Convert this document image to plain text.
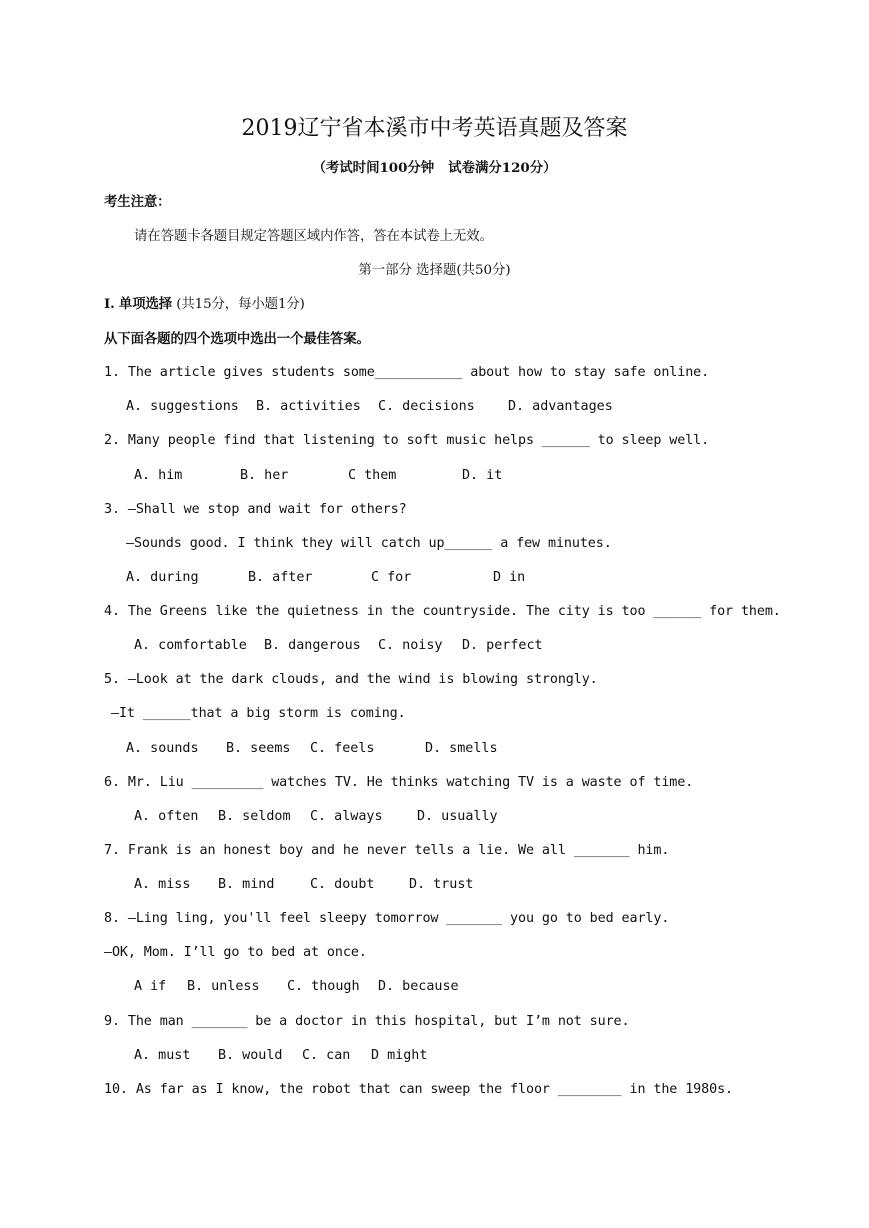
2019辽宁省本溪市中考英语真题及答案
（考试时间100分钟   试卷满分120分）
考生注意：
请在答题卡各题目规定答题区域内作答，答在本试卷上无效。
第一部分 选择题(共50分)
Ⅰ. 单项选择 (共15分，每小题1分)
从下面各题的四个选项中选出一个最佳答案。
1. The article gives students some___________ about how to stay safe online.
A. suggestions B. activities C. decisions D. advantages
2. Many people find that listening to soft music helps ______ to sleep well.
A. him	B. her	C them	D. it
3. —Shall we stop and wait for others?
—Sounds good. I think they will catch up______ a few minutes.
A. during	B. after	C for	D in
4. The Greens like the quietness in the countryside. The city is too ______ for them.
A. comfortable B. dangerous C. noisy D. perfect
5. —Look at the dark clouds, and the wind is blowing strongly.
—It ______that a big storm is coming.
A. sounds B. seems C. feels	D. smells
6. Mr. Liu _________ watches TV. He thinks watching TV is a waste of time.
A. often B. seldom C. always	D. usually
7. Frank is an honest boy and he never tells a lie. We all _______ him.
A. miss B. mind	C. doubt	D. trust
8. —Ling ling, you'll feel sleepy tomorrow _______ you go to bed early.
—OK, Mom. I’ll go to bed at once.
A if B. unless C. though D. because
9. The man _______ be a doctor in this hospital, but I’m not sure.
A. must B. would C. can D might
10. As far as I know, the robot that can sweep the floor ________ in the 1980s.
